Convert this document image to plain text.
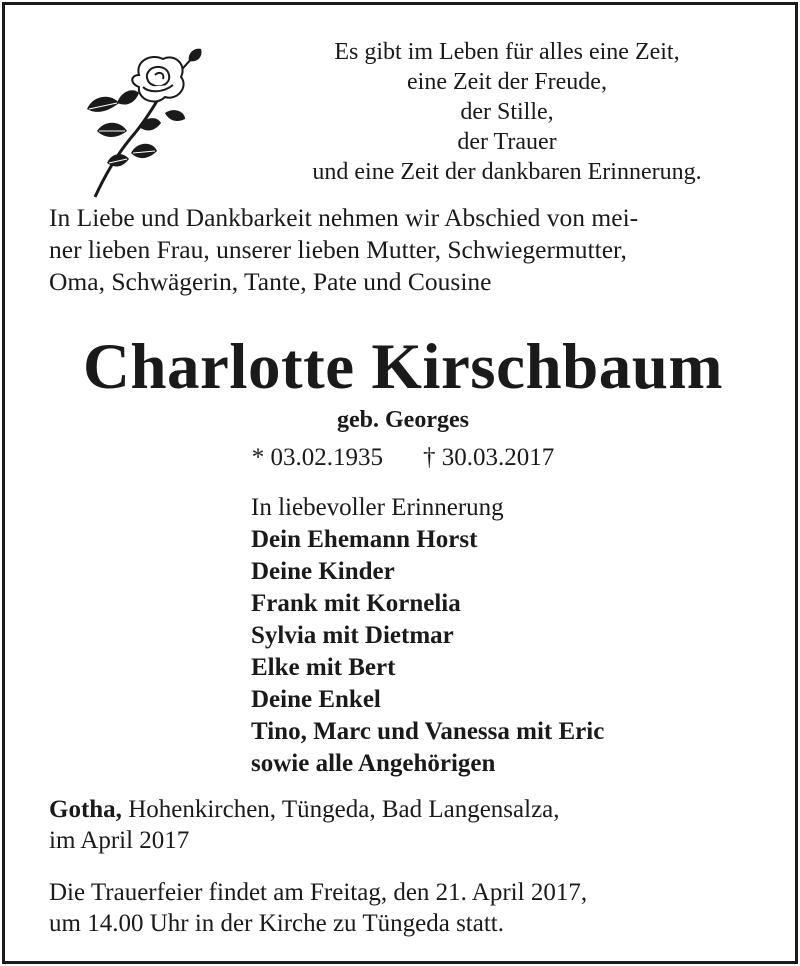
Es gibt im Leben für alles eine Zeit,
eine Zeit der Freude,
der Stille,
der Trauer
und eine Zeit der dankbaren Erinnerung.
In Liebe und Dankbarkeit nehmen wir Abschied von mei-
ner lieben Frau, unserer lieben Mutter, Schwiegermutter,
Oma, Schwägerin, Tante, Pate und Cousine
Charlotte Kirschbaum
geb. Georges
* 03.02.1935 † 30.03.2017
In liebevoller Erinnerung
Dein Ehemann Horst
Deine Kinder
Frank mit Kornelia
Sylvia mit Dietmar
Elke mit Bert
Deine Enkel
Tino, Marc und Vanessa mit Eric
sowie alle Angehörigen
Gotha, Hohenkirchen, Tüngeda, Bad Langensalza,
im April 2017
Die Trauerfeier findet am Freitag, den 21. April 2017,
um 14.00 Uhr in der Kirche zu Tüngeda statt.
